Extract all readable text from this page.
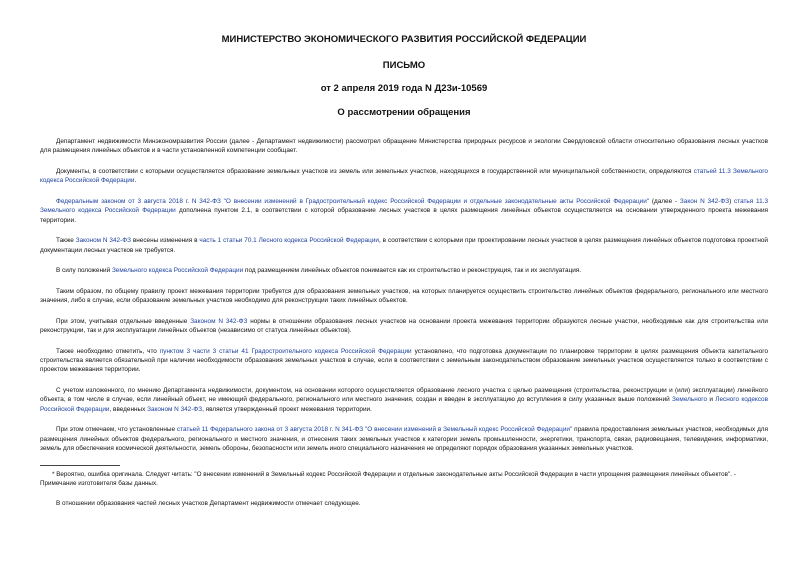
МИНИСТЕРСТВО ЭКОНОМИЧЕСКОГО РАЗВИТИЯ РОССИЙСКОЙ ФЕДЕРАЦИИ

ПИСЬМО

от 2 апреля 2019 года N Д23и-10569

О рассмотрении обращения

Департамент недвижимости Минэкономразвития России (далее - Департамент недвижимости) рассмотрел обращение Министерства природных ресурсов и экологии Свердловской области относительно образования лесных участков для размещения линейных объектов и в части установленной компетенции сообщает.

Документы, в соответствии с которыми осуществляется образование земельных участков из земель или земельных участков, находящихся в государственной или муниципальной собственности, определяются статьей 11.3 Земельного кодекса Российской Федерации.

Федеральным законом от 3 августа 2018 г. N 342-ФЗ "О внесении изменений в Градостроительный кодекс Российской Федерации и отдельные законодательные акты Российской Федерации" (далее - Закон N 342-ФЗ) статья 11.3 Земельного кодекса Российской Федерации дополнена пунктом 2.1, в соответствии с которой образование лесных участков в целях размещения линейных объектов осуществляется на основании утвержденного проекта межевания территории.

Также Законом N 342-ФЗ внесены изменения в часть 1 статьи 70.1 Лесного кодекса Российской Федерации, в соответствии с которыми при проектировании лесных участков в целях размещения линейных объектов подготовка проектной документации лесных участков не требуется.

В силу положений Земельного кодекса Российской Федерации под размещением линейных объектов понимается как их строительство и реконструкция, так и их эксплуатация.

Таким образом, по общему правилу проект межевания территории требуется для образования земельных участков, на которых планируется осуществить строительство линейных объектов федерального, регионального или местного значения, либо в случае, если образование земельных участков необходимо для реконструкции таких линейных объектов.

При этом, учитывая отдельные введенные Законом N 342-ФЗ нормы в отношении образования лесных участков на основании проекта межевания территории образуются лесные участки, необходимые как для строительства или реконструкции, так и для эксплуатации линейных объектов (независимо от статуса линейных объектов).

Также необходимо отметить, что пунктом 3 части 3 статьи 41 Градостроительного кодекса Российской Федерации установлено, что подготовка документации по планировке территории в целях размещения объекта капитального строительства является обязательной при наличии необходимости образования земельных участков в случае, если в соответствии с земельным законодательством образование земельных участков осуществляется только в соответствии с проектом межевания территории.

С учетом изложенного, по мнению Департамента недвижимости, документом, на основании которого осуществляется образование лесного участка с целью размещения (строительства, реконструкции и (или) эксплуатации) линейного объекта, в том числе в случае, если линейный объект, не имеющий федерального, регионального или местного значения, создан и введен в эксплуатацию до вступления в силу указанных выше положений Земельного и Лесного кодексов Российской Федерации, введенных Законом N 342-ФЗ, является утвержденный проект межевания территории.

При этом отмечаем, что установленные статьей 11 Федерального закона от 3 августа 2018 г. N 341-ФЗ "О внесении изменений в Земельный кодекс Российской Федерации" правила предоставления земельных участков, необходимых для размещения линейных объектов федерального, регионального и местного значения, и отнесения таких земельных участков к категории земель промышленности, энергетики, транспорта, связи, радиовещания, телевидения, информатики, земель для обеспечения космической деятельности, земель обороны, безопасности или земель иного специального назначения не определяют порядок образования указанных земельных участков.

* Вероятно, ошибка оригинала. Следует читать: "О внесении изменений в Земельный кодекс Российской Федерации и отдельные законодательные акты Российской Федерации в части упрощения размещения линейных объектов". - Примечание изготовителя базы данных.

В отношении образования частей лесных участков Департамент недвижимости отмечает следующее.
